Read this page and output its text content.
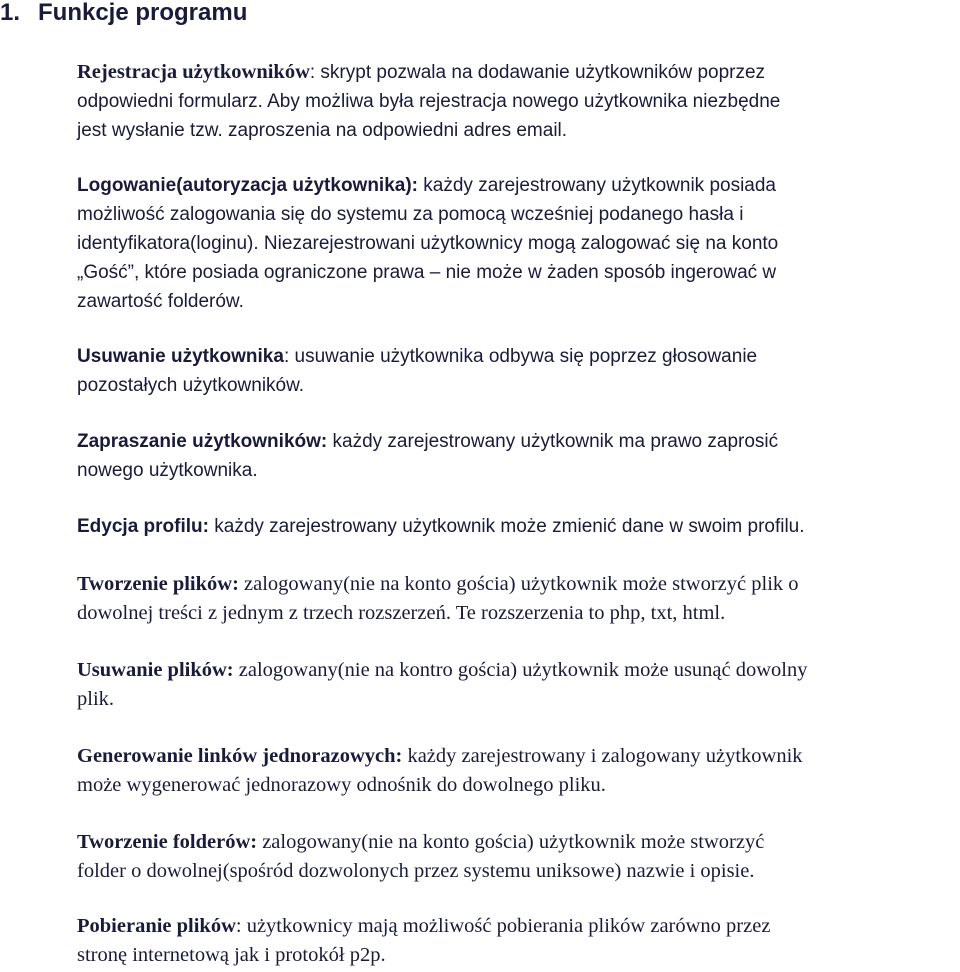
1. Funkcje programu

Rejestracja użytkowników: skrypt pozwala na dodawanie użytkowników poprzez
odpowiedni formularz. Aby możliwa była rejestracja nowego użytkownika niezbędne
jest wysłanie tzw. zaproszenia na odpowiedni adres email.

Logowanie(autoryzacja użytkownika): każdy zarejestrowany użytkownik posiada
możliwość zalogowania się do systemu za pomocą wcześniej podanego hasła i
identyfikatora(loginu). Niezarejestrowani użytkownicy mogą zalogować się na konto
„Gość”, które posiada ograniczone prawa – nie może w żaden sposób ingerować w
zawartość folderów.

Usuwanie użytkownika: usuwanie użytkownika odbywa się poprzez głosowanie
pozostałych użytkowników.

Zapraszanie użytkowników: każdy zarejestrowany użytkownik ma prawo zaprosić
nowego użytkownika.

Edycja profilu: każdy zarejestrowany użytkownik może zmienić dane w swoim profilu.

Tworzenie plików: zalogowany(nie na konto gościa) użytkownik może stworzyć plik o
dowolnej treści z jednym z trzech rozszerzeń. Te rozszerzenia to php, txt, html.

Usuwanie plików: zalogowany(nie na kontro gościa) użytkownik może usunąć dowolny
plik.

Generowanie linków jednorazowych: każdy zarejestrowany i zalogowany użytkownik
może wygenerować jednorazowy odnośnik do dowolnego pliku.

Tworzenie folderów: zalogowany(nie na konto gościa) użytkownik może stworzyć
folder o dowolnej(spośród dozwolonych przez systemu uniksowe) nazwie i opisie.

Pobieranie plików: użytkownicy mają możliwość pobierania plików zarówno przez
stronę internetową jak i protokół p2p.
